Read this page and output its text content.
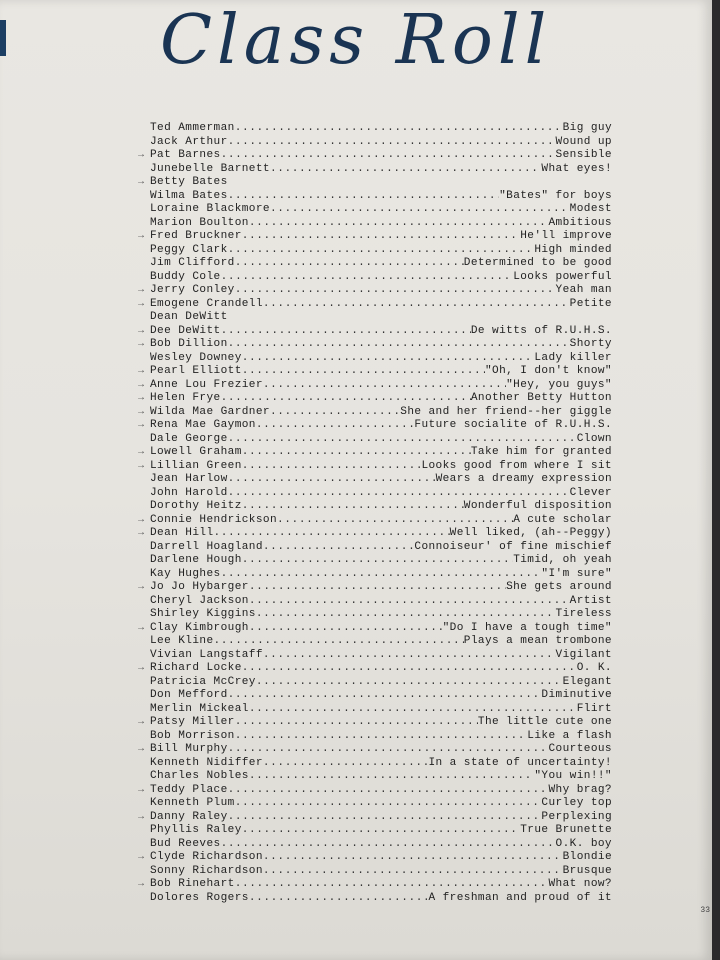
Class Roll
Ted Ammerman .....	Big guy
Jack Arthur .....	Wound up
→ Pat Barnes .....	Sensible
Junebelle Barnett .....	What eyes!
→ Betty Bates
Wilma Bates .....	"Bates" for boys
Loraine Blackmore .....	Modest
Marion Boulton .....	Ambitious
→ Fred Bruckner .....	He'll improve
Peggy Clark .....	High minded
Jim Clifford .....	Determined to be good
Buddy Cole .....	Looks powerful
→ Jerry Conley .....	Yeah man
→ Emogene Crandell .....	Petite
Dean DeWitt
→ Dee DeWitt .....	De witts of R.U.H.S.
→ Bob Dillion .....	Shorty
Wesley Downey .....	Lady killer
→ Pearl Elliott .....	"Oh, I don't know"
→ Anne Lou Frezier .....	"Hey, you guys"
→ Helen Frye .....	Another Betty Hutton
→ Wilda Mae Gardner .....	She and her friend--her giggle
→ Rena Mae Gaymon .....	Future socialite of R.U.H.S.
Dale George .....	Clown
→ Lowell Graham .....	Take him for granted
→ Lillian Green .....	Looks good from where I sit
Jean Harlow .....	Wears a dreamy expression
John Harold .....	Clever
Dorothy Heitz .....	Wonderful disposition
→ Connie Hendrickson .....	A cute scholar
→ Dean Hill .....	Well liked, (ah--Peggy)
Darrell Hoagland .....	Connoiseur' of fine mischief
Darlene Hough .....	Timid, oh yeah
Kay Hughes .....	"I'm sure"
→ Jo Jo Hybarger .....	She gets around
Cheryl Jackson .....	Artist
Shirley Kiggins .....	Tireless
→ Clay Kimbrough .....	"Do I have a tough time"
Lee Kline .....	Plays a mean trombone
Vivian Langstaff .....	Vigilant
→ Richard Locke .....	O. K.
Patricia McCrey .....	Elegant
Don Mefford .....	Diminutive
Merlin Mickeal .....	Flirt
→ Patsy Miller .....	The little cute one
Bob Morrison .....	Like a flash
→ Bill Murphy .....	Courteous
Kenneth Nidiffer .....	In a state of uncertainty!
Charles Nobles .....	"You win!!"
→ Teddy Place .....	Why brag?
Kenneth Plum .....	Curley top
→ Danny Raley .....	Perplexing
Phyllis Raley .....	True Brunette
Bud Reeves .....	O.K. boy
→ Clyde Richardson .....	Blondie
Sonny Richardson .....	Brusque
→ Bob Rinehart .....	What now?
Dolores Rogers .....	A freshman and proud of it
33
